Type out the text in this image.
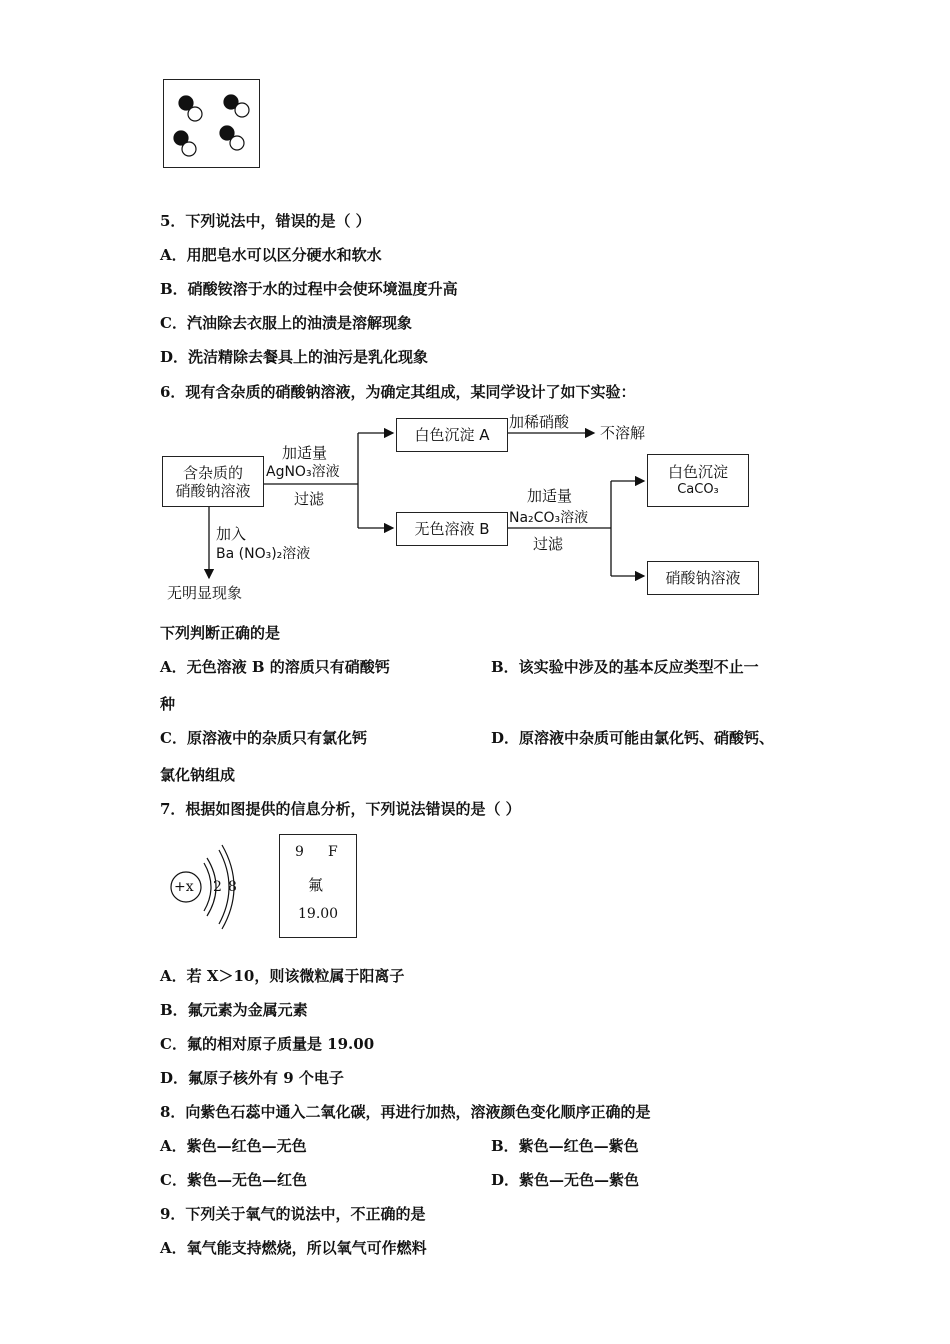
5．下列说法中，错误的是（ ）
A．用肥皂水可以区分硬水和软水
B．硝酸铵溶于水的过程中会使环境温度升高
C．汽油除去衣服上的油渍是溶解现象
D．洗洁精除去餐具上的油污是乳化现象
6．现有含杂质的硝酸钠溶液，为确定其组成，某同学设计了如下实验：
含杂质的
硝酸钠溶液
加适量
AgNO₃溶液
过滤
白色沉淀 A
加稀硝酸
不溶解
无色溶液 B
加适量
Na₂CO₃溶液
过滤
白色沉淀
CaCO₃
硝酸钠溶液
加入
Ba (NO₃)₂溶液
无明显现象
下列判断正确的是
A．无色溶液 B 的溶质只有硝酸钙	B．该实验中涉及的基本反应类型不止一
种
C．原溶液中的杂质只有氯化钙	D．原溶液中杂质可能由氯化钙、硝酸钙、
氯化钠组成
7．根据如图提供的信息分析，下列说法错误的是（ ）
+x 2 8
9 F
氟
19.00
A．若 X＞10，则该微粒属于阳离子
B．氟元素为金属元素
C．氟的相对原子质量是 19.00
D．氟原子核外有 9 个电子
8．向紫色石蕊中通入二氧化碳，再进行加热，溶液颜色变化顺序正确的是
A．紫色—红色—无色	B．紫色—红色—紫色
C．紫色—无色—红色	D．紫色—无色—紫色
9．下列关于氧气的说法中，不正确的是
A．氧气能支持燃烧，所以氧气可作燃料
